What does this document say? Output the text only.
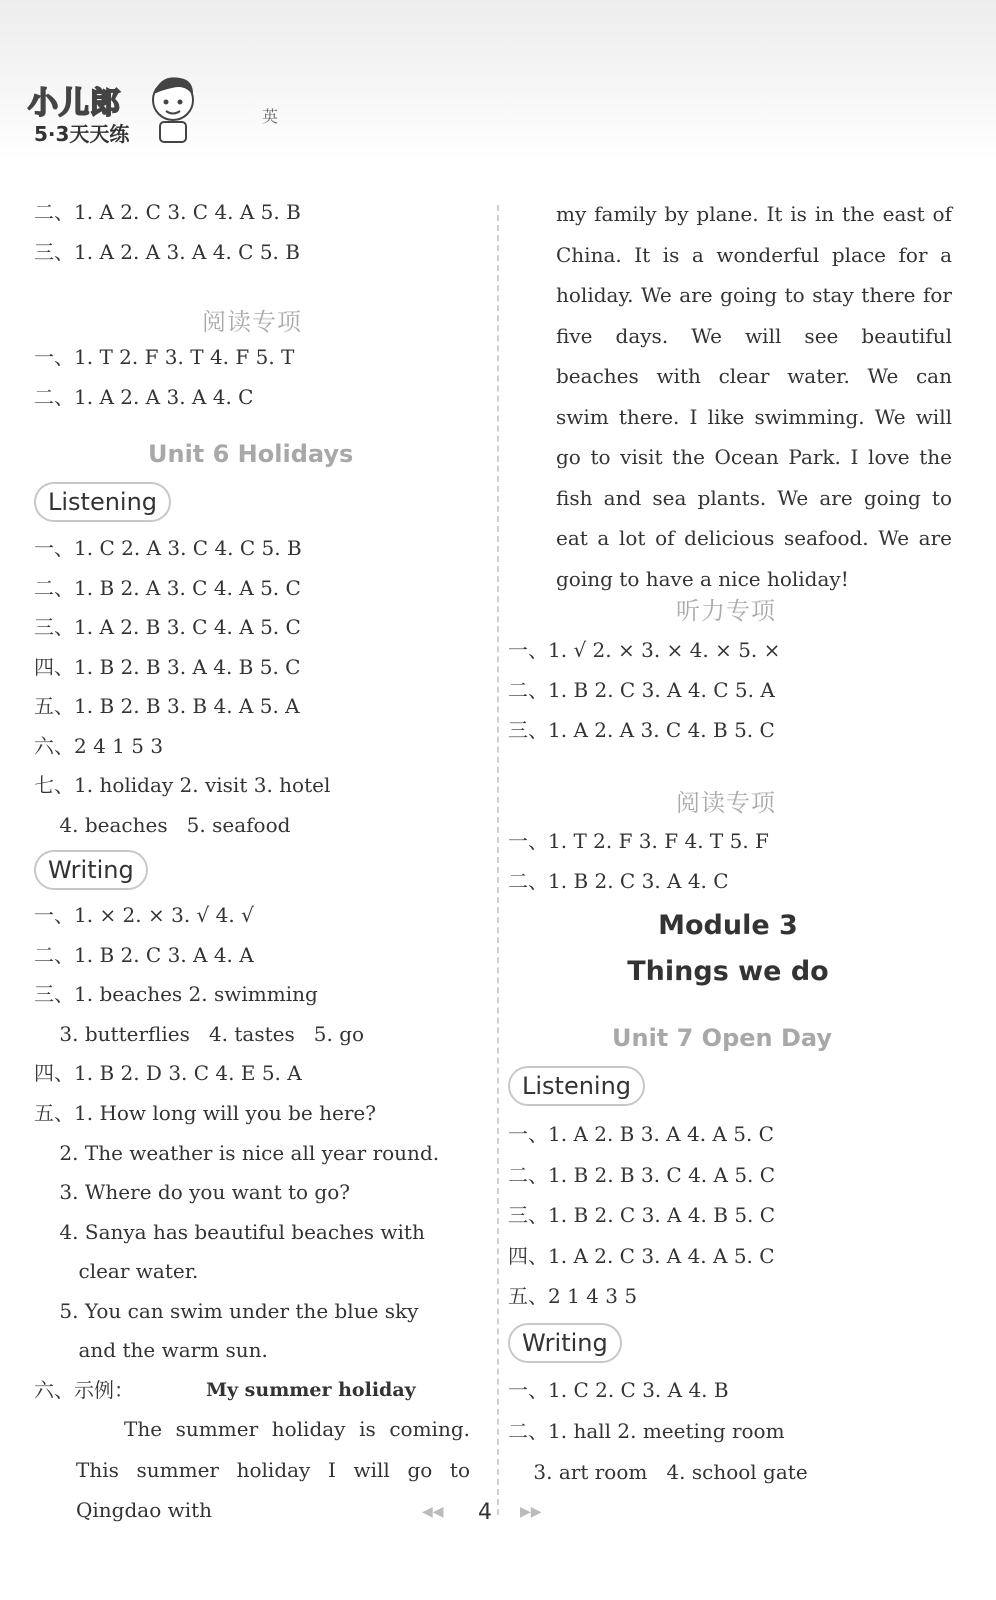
小儿郎
5·3天天练
英
二、1. A 2. C 3. C 4. A 5. B
三、1. A 2. A 3. A 4. C 5. B
阅读专项
一、1. T 2. F 3. T 4. F 5. T
二、1. A 2. A 3. A 4. C
Unit 6 Holidays
Listening
一、1. C 2. A 3. C 4. C 5. B
二、1. B 2. A 3. C 4. A 5. C
三、1. A 2. B 3. C 4. A 5. C
四、1. B 2. B 3. A 4. B 5. C
五、1. B 2. B 3. B 4. A 5. A
六、2 4 1 5 3
七、1. holiday 2. visit 3. hotel
4. beaches   5. seafood
Writing
一、1. × 2. × 3. √ 4. √
二、1. B 2. C 3. A 4. A
三、1. beaches 2. swimming
3. butterflies   4. tastes   5. go
四、1. B 2. D 3. C 4. E 5. A
五、1. How long will you be here?
2. The weather is nice all year round.
3. Where do you want to go?
4. Sanya has beautiful beaches with
clear water.
5. You can swim under the blue sky
and the warm sun.
六、示例：	My summer holiday
The summer holiday is coming. This summer holiday I will go to Qingdao with
my family by plane. It is in the east of China. It is a wonderful place for a holiday. We are going to stay there for five days. We will see beautiful beaches with clear water. We can swim there. I like swimming. We will go to visit the Ocean Park. I love the fish and sea plants. We are going to eat a lot of delicious seafood. We are going to have a nice holiday!
听力专项
一、1. √ 2. × 3. × 4. × 5. ×
二、1. B 2. C 3. A 4. C 5. A
三、1. A 2. A 3. C 4. B 5. C
阅读专项
一、1. T 2. F 3. F 4. T 5. F
二、1. B 2. C 3. A 4. C
Module 3
Things we do
Unit 7 Open Day
Listening
一、1. A 2. B 3. A 4. A 5. C
二、1. B 2. B 3. C 4. A 5. C
三、1. B 2. C 3. A 4. B 5. C
四、1. A 2. C 3. A 4. A 5. C
五、2 1 4 3 5
Writing
一、1. C 2. C 3. A 4. B
二、1. hall 2. meeting room
3. art room   4. school gate
◀◀ 4 ▶▶
